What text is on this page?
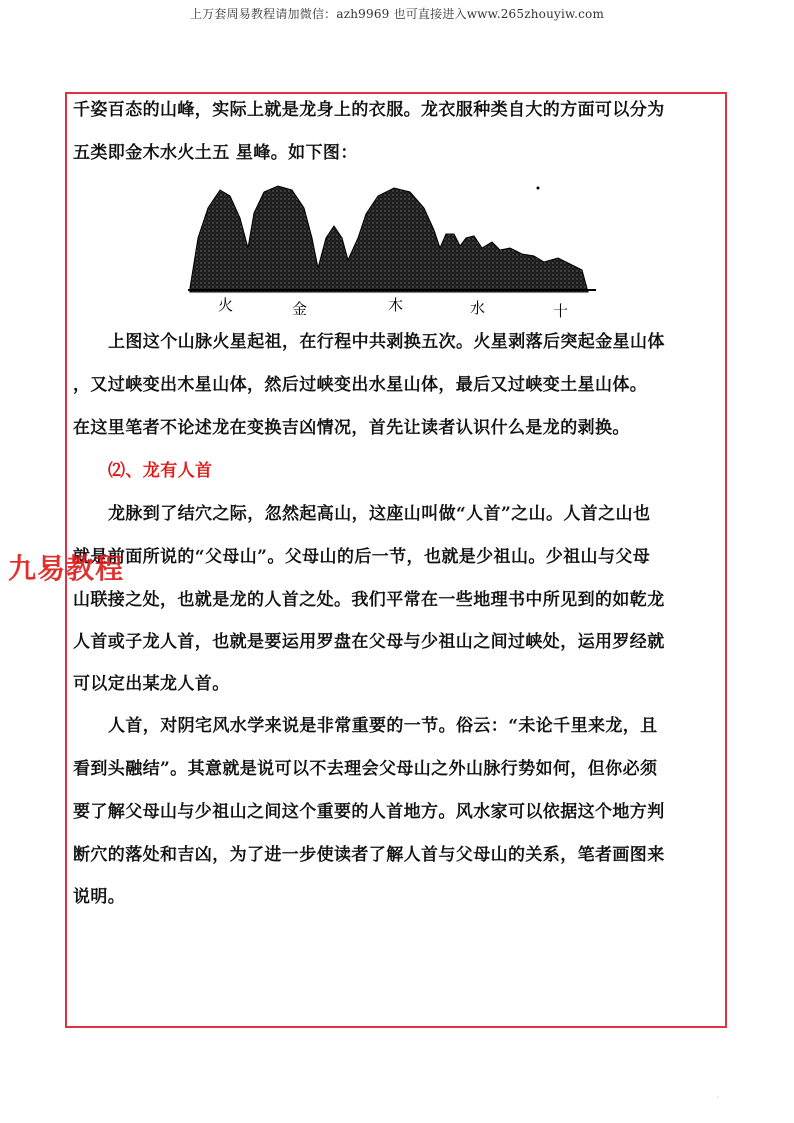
上万套周易教程请加微信：azh9969 也可直接进入www.265zhouyiw.com
千姿百态的山峰，实际上就是龙身上的衣服。龙衣服种类自大的方面可以分为
五类即金木水火土五 星峰。如下图：
火	金	木	水	十
上图这个山脉火星起祖，在行程中共剥换五次。火星剥落后突起金星山体
，又过峡变出木星山体，然后过峡变出水星山体，最后又过峡变土星山体。
在这里笔者不论述龙在变换吉凶情况，首先让读者认识什么是龙的剥换。
⑵、龙有人首
龙脉到了结穴之际，忽然起高山，这座山叫做“人首”之山。人首之山也
就是前面所说的“父母山”。父母山的后一节，也就是少祖山。少祖山与父母
山联接之处，也就是龙的人首之处。我们平常在一些地理书中所见到的如乾龙
人首或子龙人首，也就是要运用罗盘在父母与少祖山之间过峡处，运用罗经就
可以定出某龙人首。
人首，对阴宅风水学来说是非常重要的一节。俗云：“未论千里来龙，且
看到头融结”。其意就是说可以不去理会父母山之外山脉行势如何，但你必须
要了解父母山与少祖山之间这个重要的人首地方。风水家可以依据这个地方判
断穴的落处和吉凶，为了进一步使读者了解人首与父母山的关系，笔者画图来
说明。
九易教程
·
